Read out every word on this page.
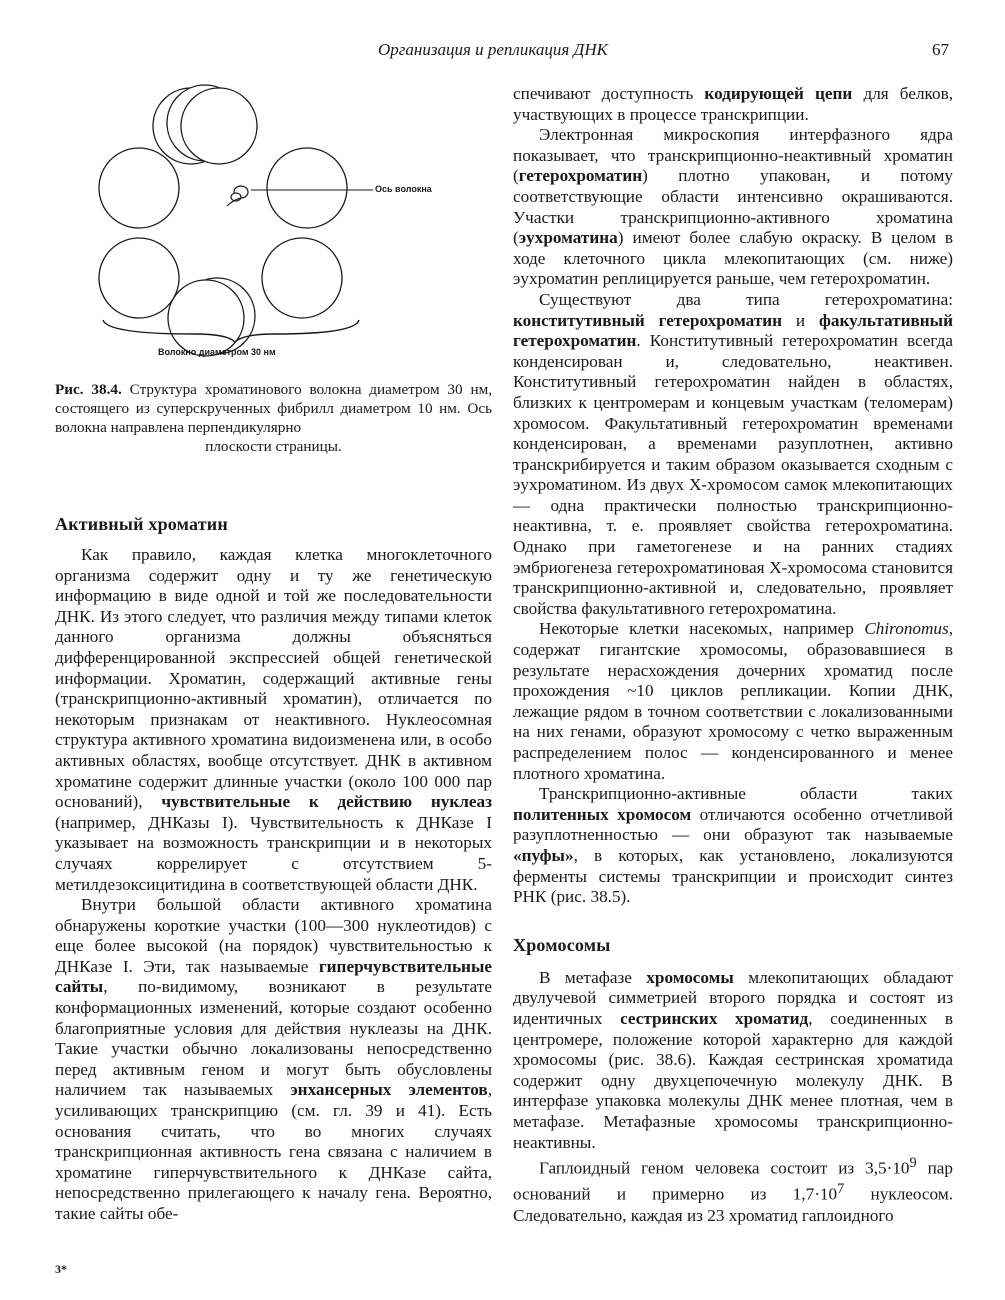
Организация и репликация ДНК	67
Ось волокна
Волокно диаметром 30 нм
Рис. 38.4. Структура хроматинового волокна диаметром 30 нм, состоящего из суперскрученных фибрилл диаметром 10 нм. Ось волокна направлена перпендикулярно
плоскости страницы.
Активный хроматин

Как правило, каждая клетка многоклеточного организма содержит одну и ту же генетическую информацию в виде одной и той же последовательности ДНК. Из этого следует, что различия между типами клеток данного организма должны объясняться дифференцированной экспрессией общей генетической информации. Хроматин, содержащий активные гены (транскрипционно-активный хроматин), отличается по некоторым признакам от неактивного. Нуклеосомная структура активного хроматина видоизменена или, в особо активных областях, вообще отсутствует. ДНК в активном хроматине содержит длинные участки (около 100 000 пар оснований), чувствительные к действию нуклеаз (например, ДНКазы I). Чувствительность к ДНКазе I указывает на возможность транскрипции и в некоторых случаях коррелирует с отсутствием 5-метилдезоксицитидина в соответствующей области ДНК.

Внутри большой области активного хроматина обнаружены короткие участки (100—300 нуклеотидов) с еще более высокой (на порядок) чувствительностью к ДНКазе I. Эти, так называемые гиперчувствительные сайты, по-видимому, возникают в результате конформационных изменений, которые создают особенно благоприятные условия для действия нуклеазы на ДНК. Такие участки обычно локализованы непосредственно перед активным геном и могут быть обусловлены наличием так называемых энхансерных элементов, усиливающих транскрипцию (см. гл. 39 и 41). Есть основания считать, что во многих случаях транскрипционная активность гена связана с наличием в хроматине гиперчувствительного к ДНКазе сайта, непосредственно прилегающего к началу гена. Вероятно, такие сайты обе-

спечивают доступность кодирующей цепи для белков, участвующих в процессе транскрипции.

Электронная микроскопия интерфазного ядра показывает, что транскрипционно-неактивный хроматин (гетерохроматин) плотно упакован, и потому соответствующие области интенсивно окрашиваются. Участки транскрипционно-активного хроматина (эухроматина) имеют более слабую окраску. В целом в ходе клеточного цикла млекопитающих (см. ниже) эухроматин реплицируется раньше, чем гетерохроматин.

Существуют два типа гетерохроматина: конститутивный гетерохроматин и факультативный гетерохроматин. Конститутивный гетерохроматин всегда конденсирован и, следовательно, неактивен. Конститутивный гетерохроматин найден в областях, близких к центромерам и концевым участкам (теломерам) хромосом. Факультативный гетерохроматин временами конденсирован, а временами разуплотнен, активно транскрибируется и таким образом оказывается сходным с эухроматином. Из двух X-хромосом самок млекопитающих — одна практически полностью транскрипционно-неактивна, т. е. проявляет свойства гетерохроматина. Однако при гаметогенезе и на ранних стадиях эмбриогенеза гетерохроматиновая X-хромосома становится транскрипционно-активной и, следовательно, проявляет свойства факультативного гетерохроматина.

Некоторые клетки насекомых, например Chironomus, содержат гигантские хромосомы, образовавшиеся в результате нерасхождения дочерних хроматид после прохождения ~10 циклов репликации. Копии ДНК, лежащие рядом в точном соответствии с локализованными на них генами, образуют хромосому с четко выраженным распределением полос — конденсированного и менее плотного хроматина.

Транскрипционно-активные области таких политенных хромосом отличаются особенно отчетливой разуплотненностью — они образуют так называемые «пуфы», в которых, как установлено, локализуются ферменты системы транскрипции и происходит синтез РНК (рис. 38.5).

Хромосомы

В метафазе хромосомы млекопитающих обладают двулучевой симметрией второго порядка и состоят из идентичных сестринских хроматид, соединенных в центромере, положение которой характерно для каждой хромосомы (рис. 38.6). Каждая сестринская хроматида содержит одну двухцепочечную молекулу ДНК. В интерфазе упаковка молекулы ДНК менее плотная, чем в метафазе. Метафазные хромосомы транскрипционно-неактивны.

Гаплоидный геном человека состоит из $3,5\cdot 10^9$ пар оснований и примерно из $1,7\cdot 10^7$ нуклеосом. Следовательно, каждая из 23 хроматид гаплоидного

3*
